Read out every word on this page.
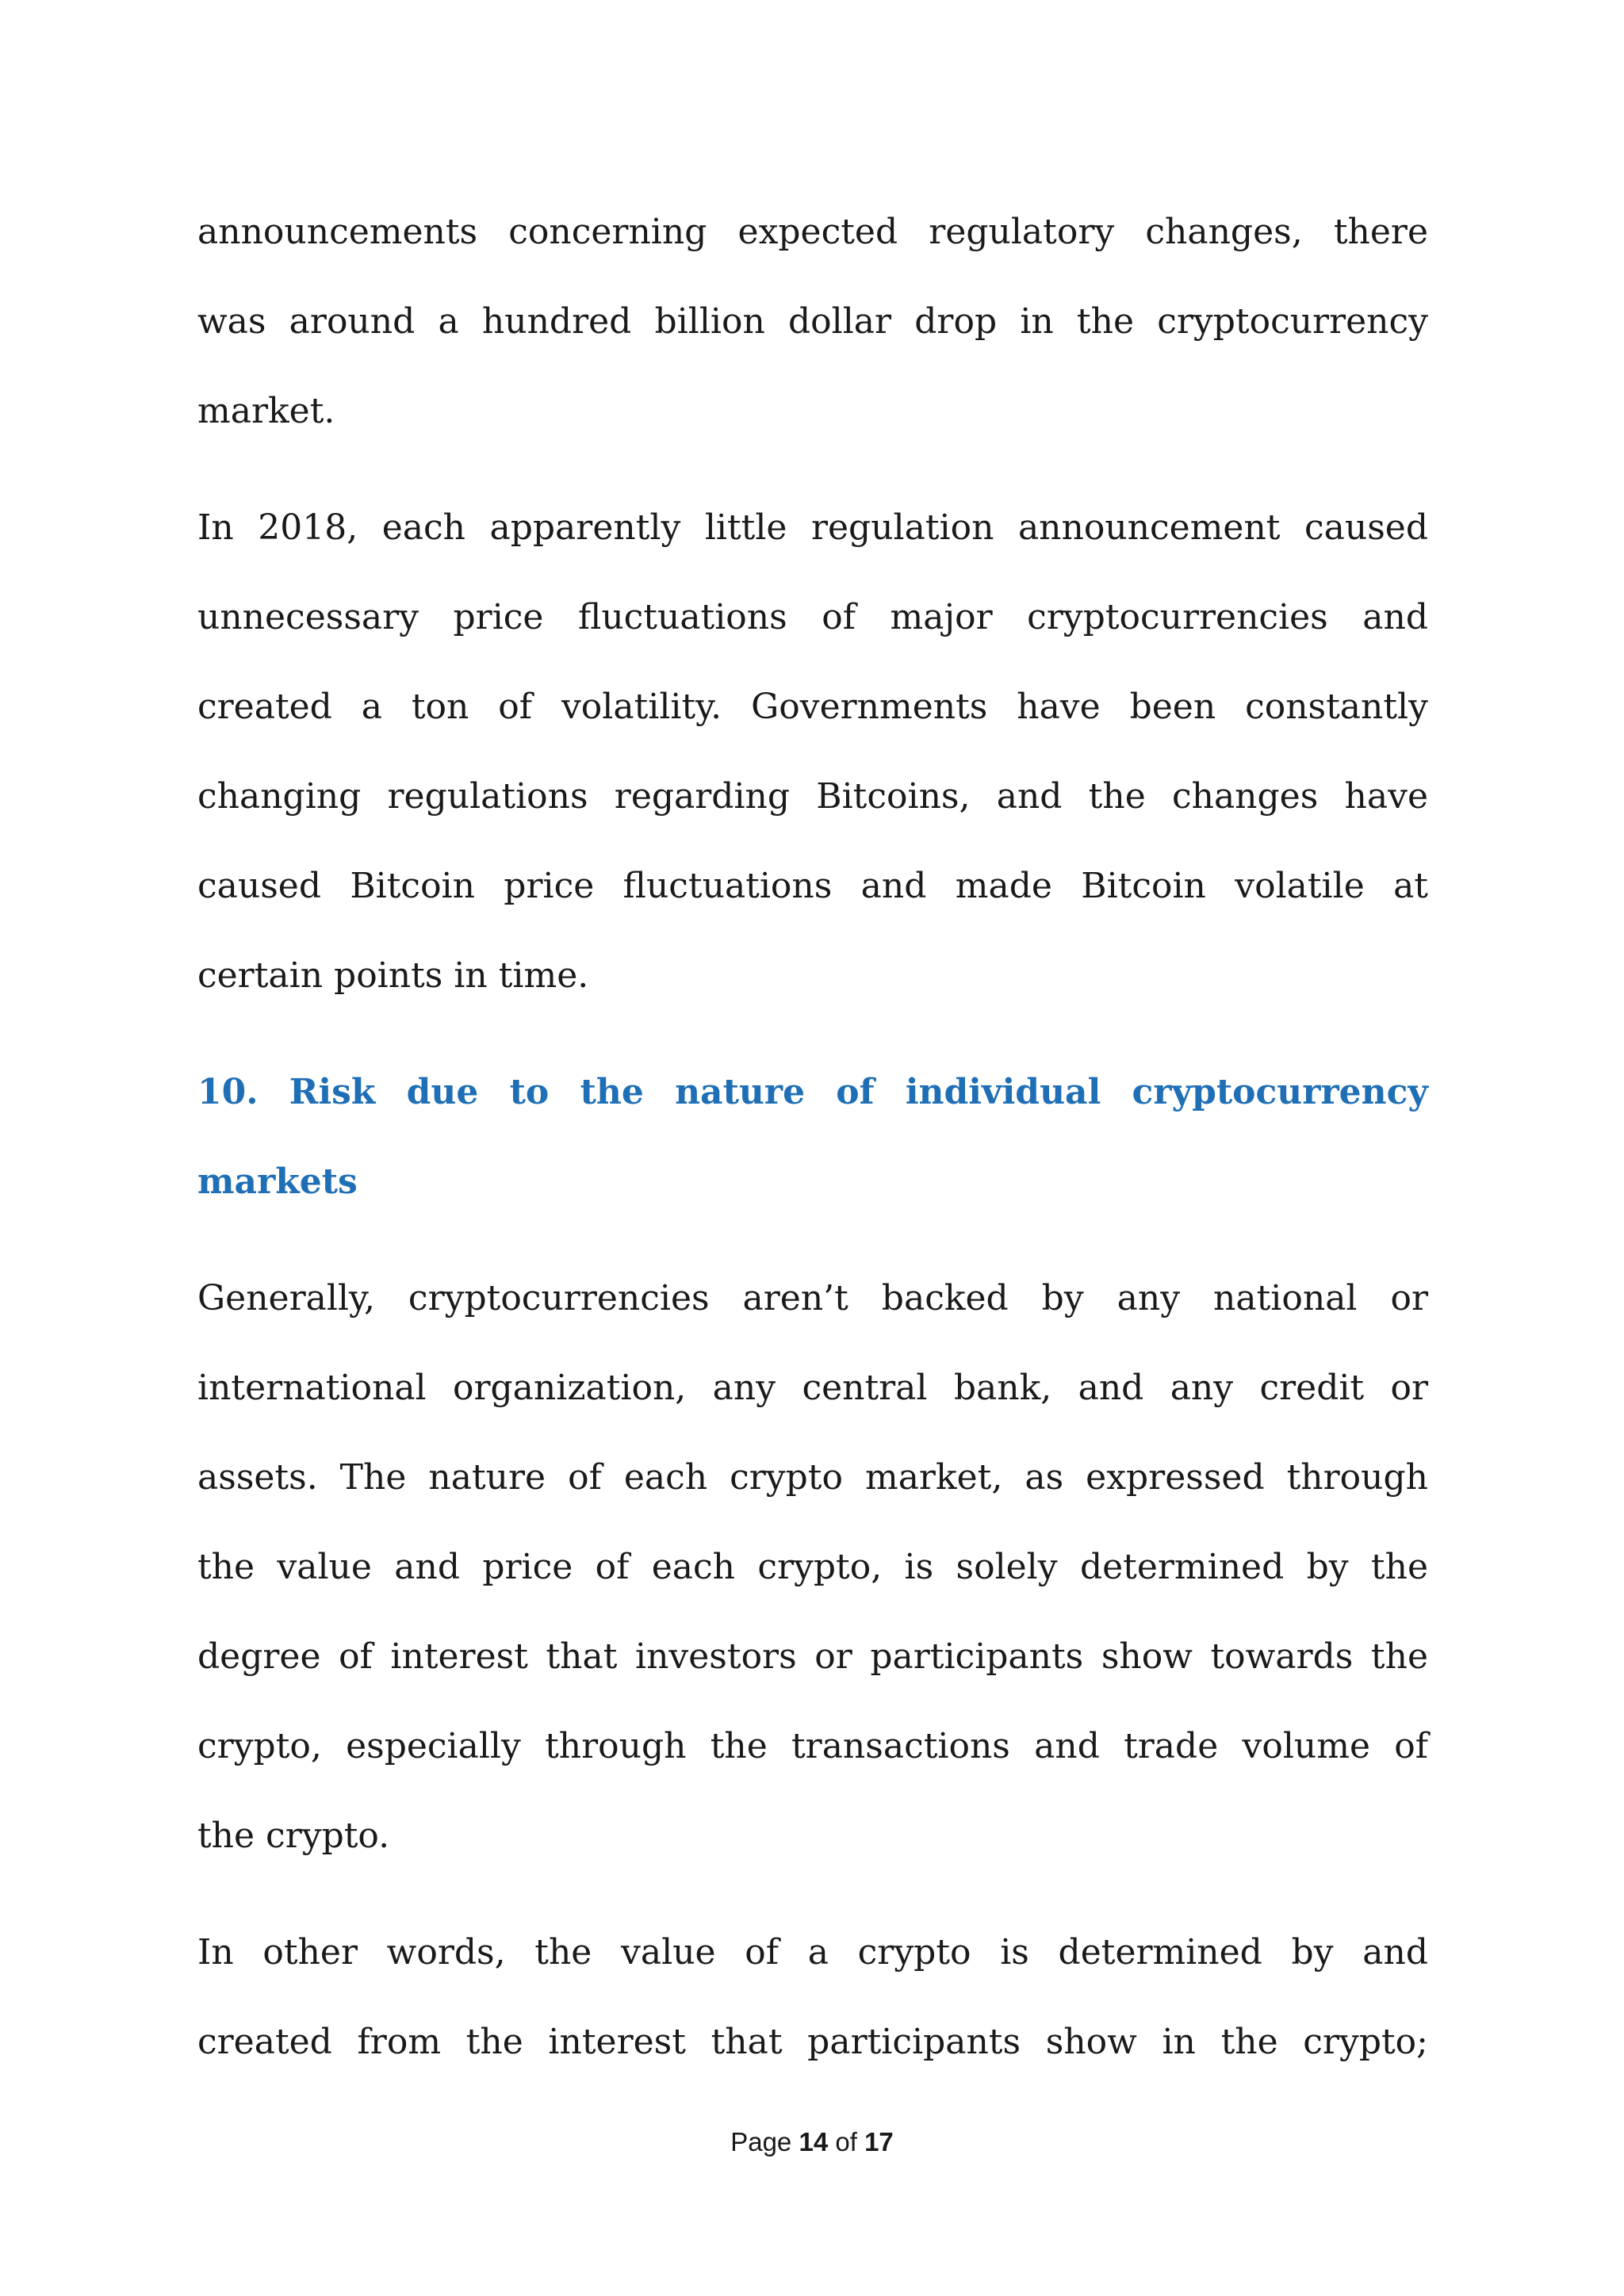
announcements concerning expected regulatory changes, there
was around a hundred billion dollar drop in the cryptocurrency
market.

In 2018, each apparently little regulation announcement caused
unnecessary price fluctuations of major cryptocurrencies and
created a ton of volatility. Governments have been constantly
changing regulations regarding Bitcoins, and the changes have
caused Bitcoin price fluctuations and made Bitcoin volatile at
certain points in time.

10. Risk due to the nature of individual cryptocurrency
markets

Generally, cryptocurrencies aren’t backed by any national or
international organization, any central bank, and any credit or
assets. The nature of each crypto market, as expressed through
the value and price of each crypto, is solely determined by the
degree of interest that investors or participants show towards the
crypto, especially through the transactions and trade volume of
the crypto.

In other words, the value of a crypto is determined by and
created from the interest that participants show in the crypto;

Page 14 of 17
